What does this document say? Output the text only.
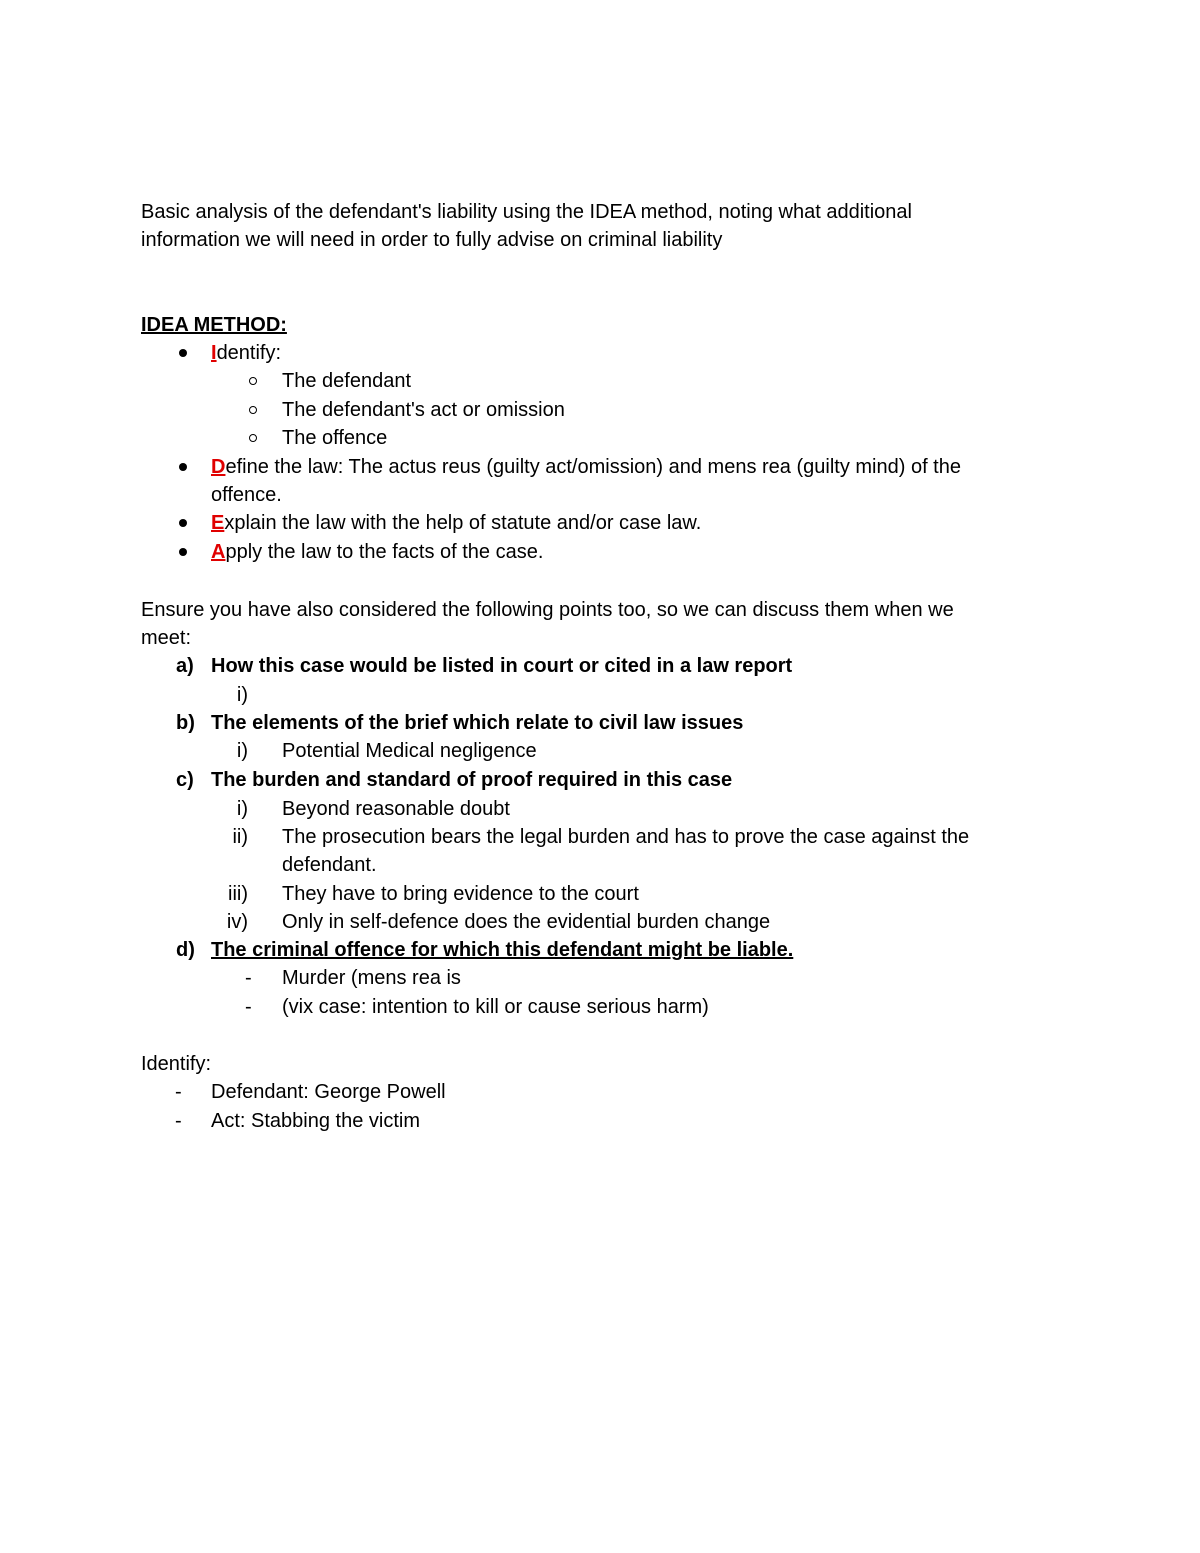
Basic analysis of the defendant's liability using the IDEA method, noting what additional
information we will need in order to fully advise on criminal liability
IDEA METHOD:
Identify:
The defendant
The defendant's act or omission
The offence
Define the law: The actus reus (guilty act/omission) and mens rea (guilty mind) of the
offence.
Explain the law with the help of statute and/or case law.
Apply the law to the facts of the case.
Ensure you have also considered the following points too, so we can discuss them when we
meet:
a) How this case would be listed in court or cited in a law report
i)
b) The elements of the brief which relate to civil law issues
i) Potential Medical negligence
c) The burden and standard of proof required in this case
i) Beyond reasonable doubt
ii) The prosecution bears the legal burden and has to prove the case against the
defendant.
iii) They have to bring evidence to the court
iv) Only in self-defence does the evidential burden change
d) The criminal offence for which this defendant might be liable.
- Murder (mens rea is
- (vix case: intention to kill or cause serious harm)
Identify:
- Defendant: George Powell
- Act: Stabbing the victim
